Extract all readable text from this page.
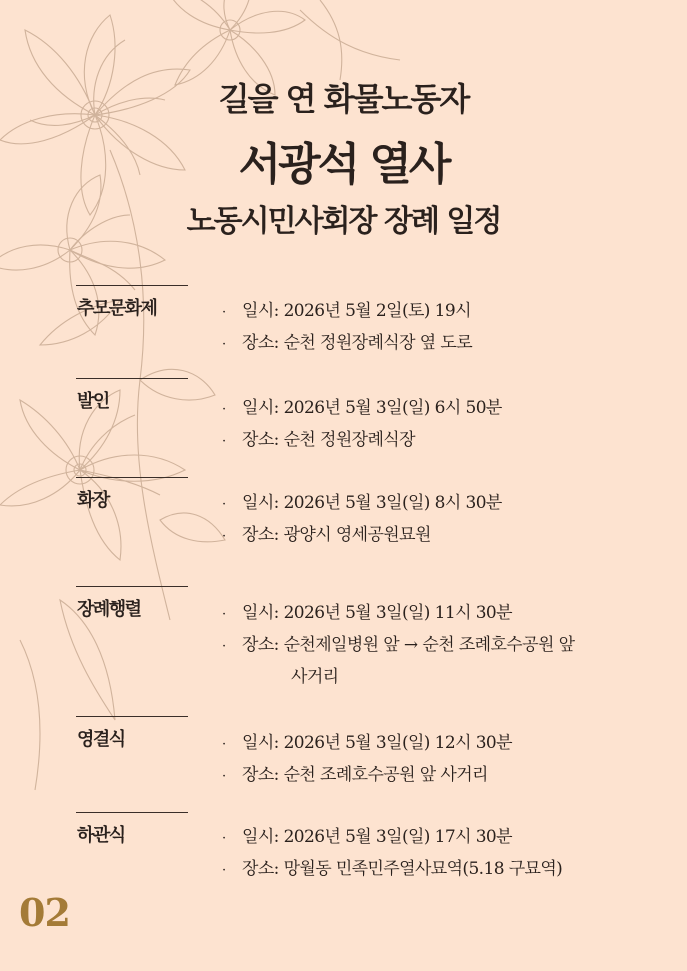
길을 연 화물노동자
서광석 열사
노동시민사회장 장례 일정
추모문화제	· 일시: 2026년 5월 2일(토) 19시
· 장소: 순천 정원장례식장 옆 도로
발인	· 일시: 2026년 5월 3일(일) 6시 50분
· 장소: 순천 정원장례식장
화장	· 일시: 2026년 5월 3일(일) 8시 30분
· 장소: 광양시 영세공원묘원
장례행렬	· 일시: 2026년 5월 3일(일) 11시 30분
· 장소: 순천제일병원 앞 → 순천 조례호수공원 앞
사거리
영결식	· 일시: 2026년 5월 3일(일) 12시 30분
· 장소: 순천 조례호수공원 앞 사거리
하관식	· 일시: 2026년 5월 3일(일) 17시 30분
· 장소: 망월동 민족민주열사묘역(5.18 구묘역)
02
